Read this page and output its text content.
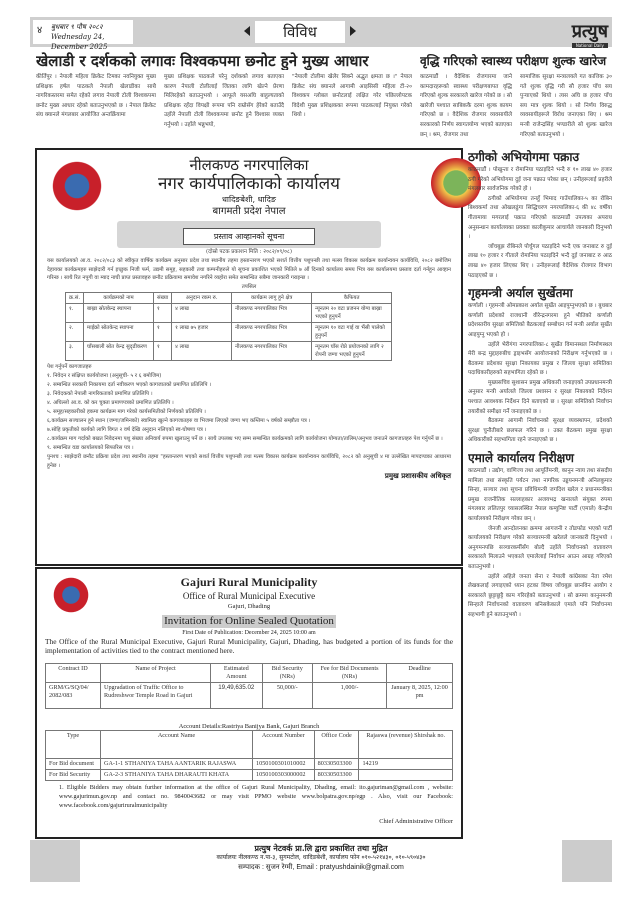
४ बुधबार ९ पौष २०८२
Wednesday 24, December 2025
विविध	प्रत्युष
National Daily
खेलाडी र दर्शकको लगावः विश्वकपमा छनोट हुने मुख्य आधार
कीर्तिपुर । नेपाली महिला क्रिकेट टिमका नवनियुक्त मुख्य प्रशिक्षक हर्षल पाठकले नेपाली खेलाडीका साथै नागरिकस्तरमा समेत रहेको लगाव नेपाली टोली विश्वकपमा छनोट मुख्य आधार रहेको बताउनुभएको छ । नेपाल क्रिकेट संघ क्यानले मंगलबार आयोजित अन्तर्क्रियामा
मुख्य प्रशिक्षक पाठकले परेनु दर्शकको लगाव बताएका कारण नेपाली टोलीलाई जितका लागि खेल्ने प्रेरणा मिलिरहेको बताउनुभयो । आफूले यसअघि बाहुल्यताको प्रशिक्षक रहँदा विपक्षी रूपमा पनि राम्रोसँग हेरेको बताउँदै उहाँले नेपाली टोली विश्वकपमा छनोट हुने विश्वास व्यक्त गर्नुभयो । उहाँले भन्नुभयो,
"नेपाली टोलीमा खेलेर सिक्ने अद्भुत क्षमता छ ।" नेपाल क्रिकेट संघ क्यानले आगामी आइसिसी महिला टी-२० विश्वकप ग्लोबल छनोटलाई लक्षित गरेर पछिल्लोपटक विदेशी मुख्य प्रशिक्षकका रूपमा पाठकलाई नियुक्त गरेको थियो ।
वृद्धि गरिएको स्वास्थ्य परीक्षण शुल्क खारेज
काठमाडौं । वैदेशिक रोजगारमा जाने कामदारहरूको स्वास्थ्य परीक्षणबापत वृद्धि गरिएको शुल्क सरकारले खारेज गरेको छ । सो खारेजी पश्चात साबिककै दरमा शुल्क कायम गरिएको छ । वैदेशिक रोजगार व्यवसायीले सरकारको निर्णय स्वागतयोग्य भएको बताएका छन् । श्रम, रोजगार तथा
सामाजिक सुरक्षा मन्त्रालयले गत कात्तिक ३० गते शुल्क वृद्धि गरी सौ हजार पाँच सय पुऱ्याएको थियो । त्यस अघि छ हजार पाँच सय मात्र शुल्क थियो । सो निर्णय विरुद्ध व्यवसायीहरूले विरोध जनाएका थिए । श्रम मन्त्री राजेन्द्रसिंह भण्डारीले सो शुल्क खारेज गरिएको बताउनुभयो ।
नीलकण्ठ नगरपालिका
नगर कार्यपालिकाको कार्यालय
धादिङबेशी, धादिङ
बागमती प्रदेश नेपाल
प्रस्ताव आव्हानको सूचना
(दोस्रो पटक प्रकाशन मिति : २०८२/०९/०८)
यस कार्यालयको आ.व. २०८२/०८३ को स्वीकृत वार्षिक कार्यक्रम अनुसार प्रदेश तथा स्थानीय तहमा हस्तान्तरण भएको सशर्त वित्तीय पशुपन्छी तथा मत्स्य विकास कार्यक्रम कार्यान्वयन कार्यविधि, २०८२ बमोजिम देहायका कार्यक्रमहरु साझेदारी गर्न इच्छुक निजी फर्म, उद्यमी समूह, सहकारी तथा कम्पनीहरुले यो सूचना प्रकाशित भएको मितिले ७ औं दिनको कार्यालय समय भित्र यस कार्यालयमा प्रस्ताव दर्ता गर्नहुन आव्हान गरिन्छ । साथै रित नपुगी वा म्याद नाघी प्राप्त प्रस्तावहरु छनौट प्रक्रियामा समावेश नगरिने व्यहोरा समेत सम्बन्धित सबैमा जानकारी गराइन्छ ।
तपसिल
क्र.सं.	कार्यक्रमको नाम	संख्या	अनुदान रकम रु.	कार्यक्रम लागु हुने क्षेत्र	कैफियत
१.	बाख्रा स्रोतकेन्द्र स्थापना	१	४ लाख	नीलकण्ठ नगरपालिका भित्र	न्यूनतम २० वटा प्रजनन योग्य बाख्रा भएको हुनुपर्ने
२.	माईक्रो स्रोतकेन्द्र स्थापना	१	१ लाख ७५ हजार	नीलकण्ठ नगरपालिका भित्र	न्यूनतम १० वटा गाई वा भैंसी पालेको हुनुपर्ने
३.	घाँसबाली स्रोत केन्द्र सुदृढीकरण	१	४ लाख	नीलकण्ठ नगरपालिका भित्र	न्यूनतम घाँस रोप्ने प्रयोजनको लागि २ रोपनी जग्गा भएको हुनुपर्ने
पेश गर्नुपर्ने कागजातहरु
१. निवेदन र संक्षिप्त कार्ययोजना (अनुसूची- ५ र ६ बमोजिम)
२. सम्बन्धित सरकारी निकायमा दर्ता नवीकरण भएको कागजातको प्रमाणित प्रतिलिपि ।
३. निवेदकको नेपाली नागरिकताको प्रमाणित प्रतिलिपि ।
४. अघिल्लो आ.व. को कर चुक्ता प्रमाणपत्रको प्रमाणित प्रतिलिपि ।
५. समूह/सहकारीको हकमा कार्यक्रम माग गरेको कार्यसमितीको निर्णयको प्रतिलिपि ।
६.कार्यक्रम सञ्चालन हुने स्थान (जग्गा/जमिनको) स्वामित्व खुल्ने कागजातहरु वा भिजमा लिएको जग्गा भए कम्तिमा ५ वर्षको सम्झौता पत्र ।
७.सोहि प्रकृतीको कार्यको लागि विगत २ वर्ष देखि अनुदान नलिएको स्व-घोषणा पत्र ।
८.कार्यक्रम माग गर्दाको बखत निवेदनमा पशु संख्या अनिवार्य रुपमा खुलाउनु पर्ने छ । साथै उपलब्ध भए सम्म सम्बन्धित कार्यक्रमको लागि कार्ययोजना योग्यता/तालिम/अनुभव जनाउने कागजातहरु पेश गर्नुपर्ने छ ।
९. सम्बन्धित वडा कार्यालयको सिफारिस पत्र ।
पुनश्च : साझेदारी छनौट प्रक्रिया प्रदेश तथा स्थानीय तहमा "हस्तान्तरण भएको सशर्त वित्तीय पशुपन्छी तथा मत्स्य विकास कार्यक्रम कार्यान्वयन कार्यविधि, २०८२ को अनुसूची ४ मा उल्लेखित मापदण्डका आधारमा हुनेछ ।
प्रमुख प्रशासकीय अधिकृत
Gajuri Rural Municipality
Office of Rural Municipal Executive
Gajuri, Dhading
Invitation for Online Sealed Quotation
First Date of Publication: December 24, 2025 10:00 am
The Office of the Rural Municipal Executive, Gajuri Rural Municipality, Gajuri, Dhading, has budgeted a portion of its funds for the implementation of activities tied to the contract mentioned here.
Contract ID	Name of Project	Estimated Amount	Bid Security (NRs)	Fee for Bid Documents (NRs)	Deadline
GRM/G/SQ/04/ 2082/083	Upgradation of Traffic Office to Rudreshwor Temple Road in Gajuri	19,49,635.02	50,000/-	1,000/-	January 8, 2025, 12:00 pm
Account Details:Rastriya Banijya Bank, Gajuri Branch
Type	Account Name	Account Number	Office Code	Rajaswa (revenue) Shirshak no.
For Bid document	GA-1-1 STHANIYA TAHA AANTARIK RAJASWA	1050100301010002	80330503300	14219
For Bid Security	GA-2-3 STHANIYA TAHA DHARAUTI KHATA	1050100303000002	80330503300	
1. Eligible Bidders may obtain further information at the office of Gajuri Rural Municipality, Dhading, email: ito.gajuriman@gmail.com , website: www.gajurimun.gov.np and contact no. 9840043682 or may visit PPMO website www.bolpatra.gov.np/egp . Also, visit our Facebook: www.facebook.com/gajuriruralmunicipality
Chief Administrative Officer
ठगीको अभियोगमा पक्राउ

काठमाडौं । पोखुन्ता र रोमानिया पठाइदिने भन्दै रु १० लाख ४० हजार ठगी गरेको अभियोगमा दुई जना पक्राउ परेका छन् । उनीहरूलाई प्रहरीले मंगलबार सार्वजनिक गरेको हो ।

ठगीको अभियोगमा तनहुँ भिमाद गाउँपालिका-५ का रोबिन बिश्वकर्मा तथा ओखलढुंगा सिद्धिचरण नगरपालिका-६ की ४८ वर्षीया गीतामाया मगरलाई पक्राउ गरिएको काठमाडौं उपत्यका अपराध अनुसन्धान कार्यालयका प्रवक्ता कालीकुमार आचार्यले जानकारी दिनुभयो ।

जाँचबुझ रोबिनले पोर्चुगल पठाइदिने भन्दै एक जनाबाट रु दुई लाख १० हजार र गीताले रोमानिया पठाइदिने भन्दै दुई जनाबाट रु आठ लाख ४० हजार लिएका थिए । उनीहरूलाई वैदेशिक रोजगार विभाग पठाइएको छ ।

गृहमन्त्री अर्याल सुर्खेतमा

कर्णाली । गृहमन्त्री ओमप्रकाश अर्याल सुर्खेत आइपुग्नुभएको छ । बुधबार कर्णाली प्रदेशको राजधानी वीरेन्द्रनगरमा हुने भीतिको कर्णाली प्रदेशस्तरीय सुरक्षा समितिको बैठकलाई सम्बोधन गर्न मन्त्री अर्याल सुर्खेत आइपुग्नु भएको हो ।

उहाँले भेरीगंगा नगरपालिका-८ सुर्खेत विमानस्थल निर्माणस्थल मेरी बन्द्र मुद्दाहरुबीच ड्राइभसँग आयोजनाको निरीक्षण गर्नुभएको छ । बैठकमा प्रदेशका सुरक्षा निकायका प्रमुख र जिल्ला सुरक्षा समितिका पदाधिकारीहरुको सहभागिता रहेको छ ।

मुख्यसचिव सुशासन प्रमुख अधिकारी जनाइएको उपप्रधानमन्त्री अनुसार मन्त्री अर्यालले जिल्ला प्रशासन र सुरक्षा निकायको निर्देशन पश्चात आवश्यक निर्देशन दिने बताएको छ । सुरक्षा समितिको निर्वाचन तयारीको समीक्षा गर्ने जनाइएको छ ।

बैठकमा आगामी निर्वाचनको सुरक्षा व्यवस्थापन, प्रदेशको सुरक्षा चुनौतीबारे छलफल गरिने छ । उक्त बैठकमा प्रमुख सुरक्षा अधिकारीको सहभागिता रहने जनाइएको छ ।

एमाले कार्यालय निरीक्षण

काठमाडौं । उद्योग, वाणिज्य तथा आपूर्तिमन्त्री, कानुन न्याय तथा संसदीय मामिला तथा संस्कृति पर्यटन तथा नागरिक उड्डयनमन्त्री अनिलकुमार सिन्हा, सञ्चार तथा सूचना प्रविधिमन्त्री जगदिश खरेल र प्रधानमन्त्रीका प्रमुख राजनीतिक सल्लाहकार अजयभद्र खनालले संयुक्त रुपमा मंगलबार ललितपुर च्यासलस्थित नेपाल कम्युनिष्ट पार्टी (एमाले) केन्द्रीय कार्यालयको निरीक्षण गरेका छन् ।

जेनजी आन्दोलनका क्रममा आगजनी र तोडफोड भएको पार्टी कार्यालयको निरीक्षण गरेको सञ्चारमन्त्री खरेलले जानकारी दिनुभयो । अनुगमनपछि सञ्चारकर्मीसँग बोल्दै उहाँले निर्वाचनको वातावरण सरकारले मिलाउने भएकाले एमालेलाई निर्वाचन आउन आग्रह गरिएको बताउनुभयो ।

उहाँले अहिले जनता सेना र नेपाली कांग्रेसका नेता रमेश लेखकलाई लगाइएको ध्यान हटका विषय जाँचबुझ छानविन आयोग र सरकारले छुट्टाछुट्टै काम गरिरहेको बताउनुभयो । सो क्रममा कानुनमन्त्री सिन्हाले निर्वाचनको वातावरण बनिसकेकाले एमाले पनि निर्वाचनमा सहभागी हुने बताउनुभयो ।

प्रत्युष नेटवर्क प्रा.लि द्वारा प्रकाशित तथा मुद्रित
कार्यालयः नीलकण्ठ न.पा-३, सुगमटोल, धादिङबेशी, कार्यालय फोन ०१०-५२१४३०, ०१०-५९०४३०
सम्पादक : सुजन रेग्मी, Email : pratyushdainik@gmail.com
